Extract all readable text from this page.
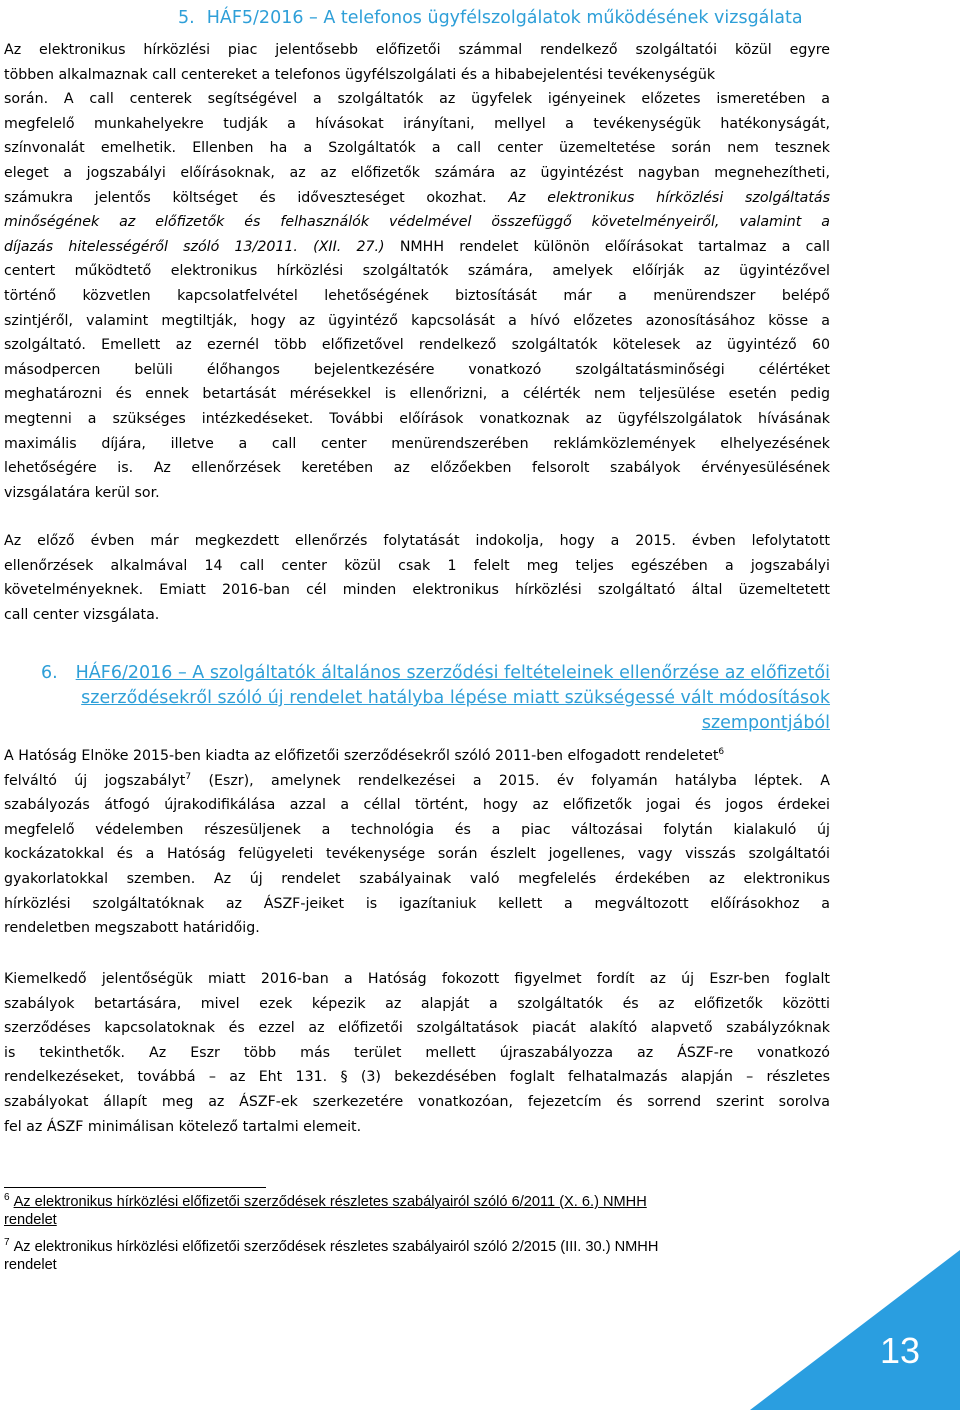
5. HÁF5/2016 – A telefonos ügyfélszolgálatok működésének vizsgálata
Az elektronikus hírközlési piac jelentősebb előfizetői számmal rendelkező szolgáltatói közül egyre
többen alkalmaznak call centereket a telefonos ügyfélszolgálati és a hibabejelentési tevékenységük
során. A call centerek segítségével a szolgáltatók az ügyfelek igényeinek előzetes ismeretében a
megfelelő munkahelyekre tudják a hívásokat irányítani, mellyel a tevékenységük hatékonyságát,
színvonalát emelhetik. Ellenben ha a Szolgáltatók a call center üzemeltetése során nem tesznek
eleget a jogszabályi előírásoknak, az az előfizetők számára az ügyintézést nagyban megnehezítheti,
számukra jelentős költséget és időveszteséget okozhat. Az elektronikus hírközlési szolgáltatás
minőségének az előfizetők és felhasználók védelmével összefüggő követelményeiről, valamint a
díjazás hitelességéről szóló 13/2011. (XII. 27.) NMHH rendelet különön előírásokat tartalmaz a call
centert működtető elektronikus hírközlési szolgáltatók számára, amelyek előírják az ügyintézővel
történő közvetlen kapcsolatfelvétel lehetőségének biztosítását már a menürendszer belépő
szintjéről, valamint megtiltják, hogy az ügyintéző kapcsolását a hívó előzetes azonosításához kösse a
szolgáltató. Emellett az ezernél több előfizetővel rendelkező szolgáltatók kötelesek az ügyintéző 60
másodpercen belüli élőhangos bejelentkezésére vonatkozó szolgáltatásminőségi célértéket
meghatározni és ennek betartását mérésekkel is ellenőrizni, a célérték nem teljesülése esetén pedig
megtenni a szükséges intézkedéseket. További előírások vonatkoznak az ügyfélszolgálatok hívásának
maximális díjára, illetve a call center menürendszerében reklámközlemények elhelyezésének
lehetőségére is. Az ellenőrzések keretében az előzőekben felsorolt szabályok érvényesülésének
vizsgálatára kerül sor.
Az előző évben már megkezdett ellenőrzés folytatását indokolja, hogy a 2015. évben lefolytatott
ellenőrzések alkalmával 14 call center közül csak 1 felelt meg teljes egészében a jogszabályi
követelményeknek. Emiatt 2016-ban cél minden elektronikus hírközlési szolgáltató által üzemeltetett
call center vizsgálata.
6. HÁF6/2016 – A szolgáltatók általános szerződési feltételeinek ellenőrzése az előfizetői
szerződésekről szóló új rendelet hatályba lépése miatt szükségessé vált módosítások
szempontjából
A Hatóság Elnöke 2015-ben kiadta az előfizetői szerződésekről szóló 2011-ben elfogadott rendeletet$^6$
felváltó új jogszabályt$^7$ (Eszr), amelynek rendelkezései a 2015. év folyamán hatályba léptek. A
szabályozás átfogó újrakodifikálása azzal a céllal történt, hogy az előfizetők jogai és jogos érdekei
megfelelő védelemben részesüljenek a technológia és a piac változásai folytán kialakuló új
kockázatokkal és a Hatóság felügyeleti tevékenysége során észlelt jogellenes, vagy visszás szolgáltatói
gyakorlatokkal szemben. Az új rendelet szabályainak való megfelelés érdekében az elektronikus
hírközlési szolgáltatóknak az ÁSZF-jeiket is igazítaniuk kellett a megváltozott előírásokhoz a
rendeletben megszabott határidőig.
Kiemelkedő jelentőségük miatt 2016-ban a Hatóság fokozott figyelmet fordít az új Eszr-ben foglalt
szabályok betartására, mivel ezek képezik az alapját a szolgáltatók és az előfizetők közötti
szerződéses kapcsolatoknak és ezzel az előfizetői szolgáltatások piacát alakító alapvető szabályzóknak
is tekinthetők. Az Eszr több más terület mellett újraszabályozza az ÁSZF-re vonatkozó
rendelkezéseket, továbbá – az Eht 131. § (3) bekezdésében foglalt felhatalmazás alapján – részletes
szabályokat állapít meg az ÁSZF-ek szerkezetére vonatkozóan, fejezetcím és sorrend szerint sorolva
fel az ÁSZF minimálisan kötelező tartalmi elemeit.
$^6$ Az elektronikus hírközlési előfizetői szerződések részletes szabályairól szóló 6/2011 (X. 6.) NMHH
rendelet
$^7$ Az elektronikus hírközlési előfizetői szerződések részletes szabályairól szóló 2/2015 (III. 30.) NMHH
rendelet
13
